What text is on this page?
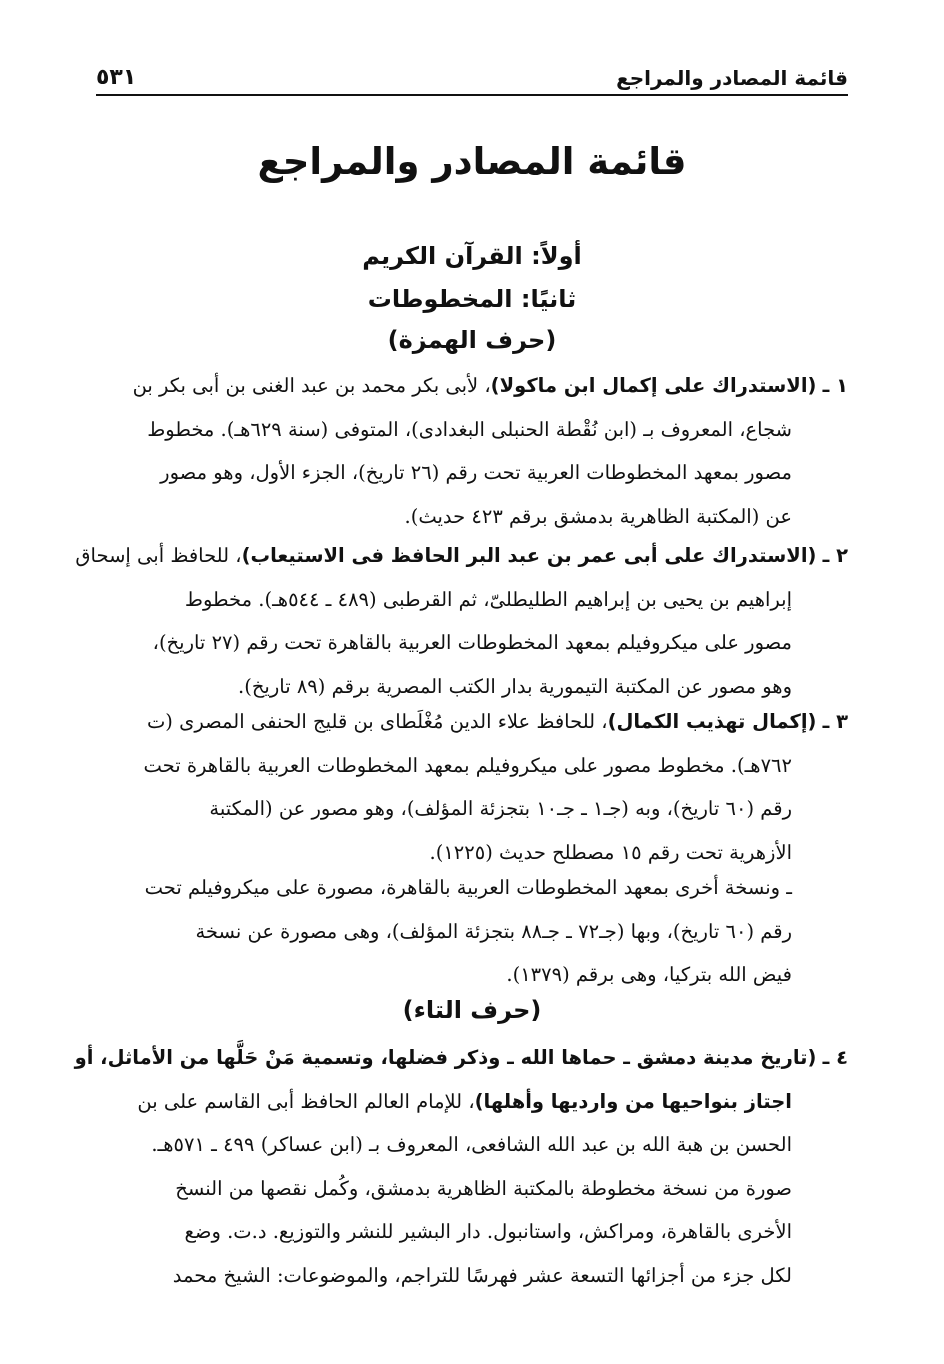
قائمة المصادر والمراجع
٥٣١
قائمة المصادر والمراجع
أولاً: القرآن الكريم
ثانيًا: المخطوطات
(حرف الهمزة)
١ ـ (الاستدراك على إكمال ابن ماكولا)، لأبى بكر محمد بن عبد الغنى بن أبى بكر بن
شجاع، المعروف بـ (ابن نُقْطة الحنبلى البغدادى)، المتوفى (سنة ٦٢٩هـ). مخطوط
مصور بمعهد المخطوطات العربية تحت رقم (٢٦ تاريخ)، الجزء الأول، وهو مصور
عن (المكتبة الظاهرية بدمشق برقم ٤٢٣ حديث).
٢ ـ (الاستدراك على أبى عمر بن عبد البر الحافظ فى الاستيعاب)، للحافظ أبى إسحاق
إبراهيم بن يحيى بن إبراهيم الطليطلىّ، ثم القرطبى (٤٨٩ ـ ٥٤٤هـ). مخطوط
مصور على ميكروفيلم بمعهد المخطوطات العربية بالقاهرة تحت رقم (٢٧ تاريخ)،
وهو مصور عن المكتبة التيمورية بدار الكتب المصرية برقم (٨٩ تاريخ).
٣ ـ (إكمال تهذيب الكمال)، للحافظ علاء الدين مُغْلَطاى بن قليج الحنفى المصرى (ت
٧٦٢هـ). مخطوط مصور على ميكروفيلم بمعهد المخطوطات العربية بالقاهرة تحت
رقم (٦٠ تاريخ)، وبه (جـ١ ـ جـ١٠ بتجزئة المؤلف)، وهو مصور عن (المكتبة
الأزهرية تحت رقم ١٥ مصطلح حديث (١٢٢٥).
ـ ونسخة أخرى بمعهد المخطوطات العربية بالقاهرة، مصورة على ميكروفيلم تحت
رقم (٦٠ تاريخ)، وبها (جـ٧٢ ـ جـ٨٨ بتجزئة المؤلف)، وهى مصورة عن نسخة
فيض الله بتركيا، وهى برقم (١٣٧٩).
(حرف التاء)
٤ ـ (تاريخ مدينة دمشق ـ حماها الله ـ وذكر فضلها، وتسمية مَنْ حَلَّها من الأماثل، أو
اجتاز بنواحيها من وارديها وأهلها)، للإمام العالم الحافظ أبى القاسم على بن
الحسن بن هبة الله بن عبد الله الشافعى، المعروف بـ (ابن عساكر) ٤٩٩ ـ ٥٧١هـ.
صورة من نسخة مخطوطة بالمكتبة الظاهرية بدمشق، وكُمل نقصها من النسخ
الأخرى بالقاهرة، ومراكش، واستانبول. دار البشير للنشر والتوزيع. د.ت. وضع
لكل جزء من أجزائها التسعة عشر فهرسًا للتراجم، والموضوعات: الشيخ محمد
